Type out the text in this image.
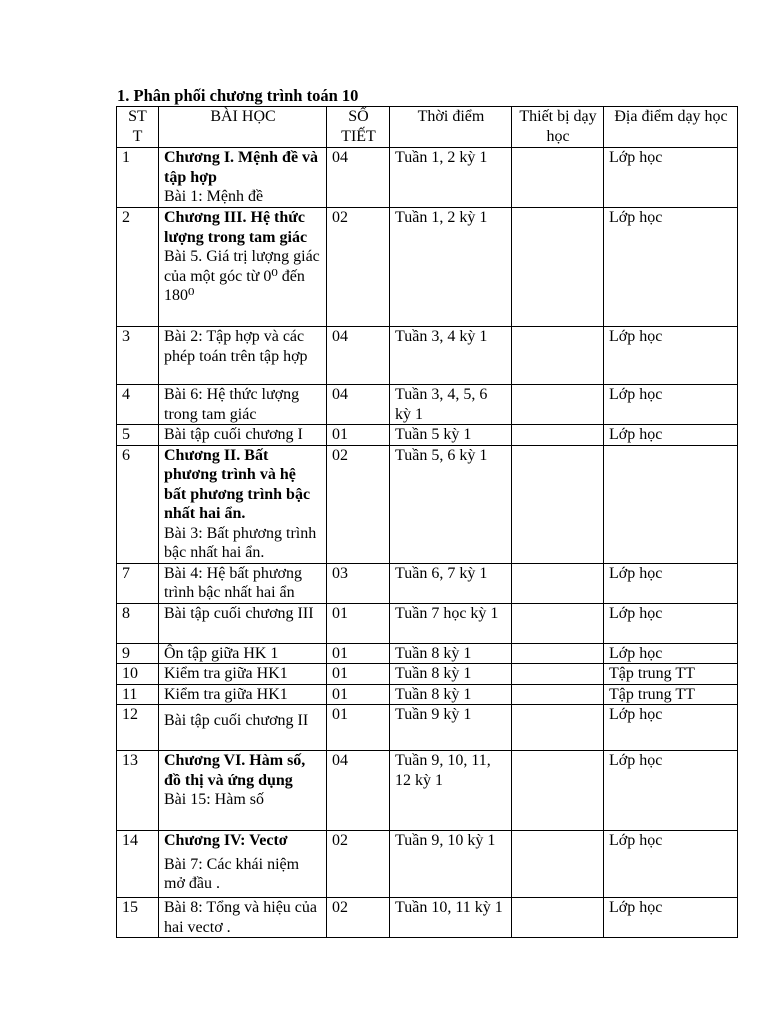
1. Phân phối chương trình toán 10
ST T	BÀI HỌC	SỐ TIẾT	Thời điểm	Thiết bị dạy học	Địa điểm dạy học
1	Chương I. Mệnh đề và tập hợp
Bài 1: Mệnh đề	04	Tuần 1, 2 kỳ 1		Lớp học
2	Chương III. Hệ thức lượng trong tam giác
Bài 5. Giá trị lượng giác của một góc từ 0⁰ đến 180⁰	02	Tuần 1, 2 kỳ 1		Lớp học
3	Bài 2: Tập hợp và các phép toán trên tập hợp	04	Tuần 3, 4 kỳ 1		Lớp học
4	Bài 6: Hệ thức lượng trong tam giác	04	Tuần 3, 4, 5, 6 kỳ 1		Lớp học
5	Bài tập cuối chương I	01	Tuần 5 kỳ 1		Lớp học
6	Chương II. Bất phương trình và hệ bất phương trình bậc nhất hai ẩn.
Bài 3: Bất phương trình bậc nhất hai ẩn.	02	Tuần 5, 6 kỳ 1		
7	Bài 4: Hệ bất phương trình bậc nhất hai ẩn	03	Tuần 6, 7 kỳ 1		Lớp học
8	Bài tập cuối chương III	01	Tuần 7 học kỳ 1		Lớp học
9	Ôn tập giữa HK 1	01	Tuần 8 kỳ 1		Lớp học
10	Kiểm tra giữa HK1	01	Tuần 8 kỳ 1		Tập trung TT
11	Kiểm tra giữa HK1	01	Tuần 8 kỳ 1		Tập trung TT
12	Bài tập cuối chương II	01	Tuần 9 kỳ 1		Lớp học
13	Chương VI. Hàm số, đồ thị và ứng dụng
Bài 15: Hàm số	04	Tuần 9, 10, 11, 12 kỳ 1		Lớp học
14	Chương IV: Vectơ
Bài 7: Các khái niệm mở đầu .	02	Tuần 9, 10 kỳ 1		Lớp học
15	Bài 8: Tổng và hiệu của hai vectơ .	02	Tuần 10, 11 kỳ 1		Lớp học
